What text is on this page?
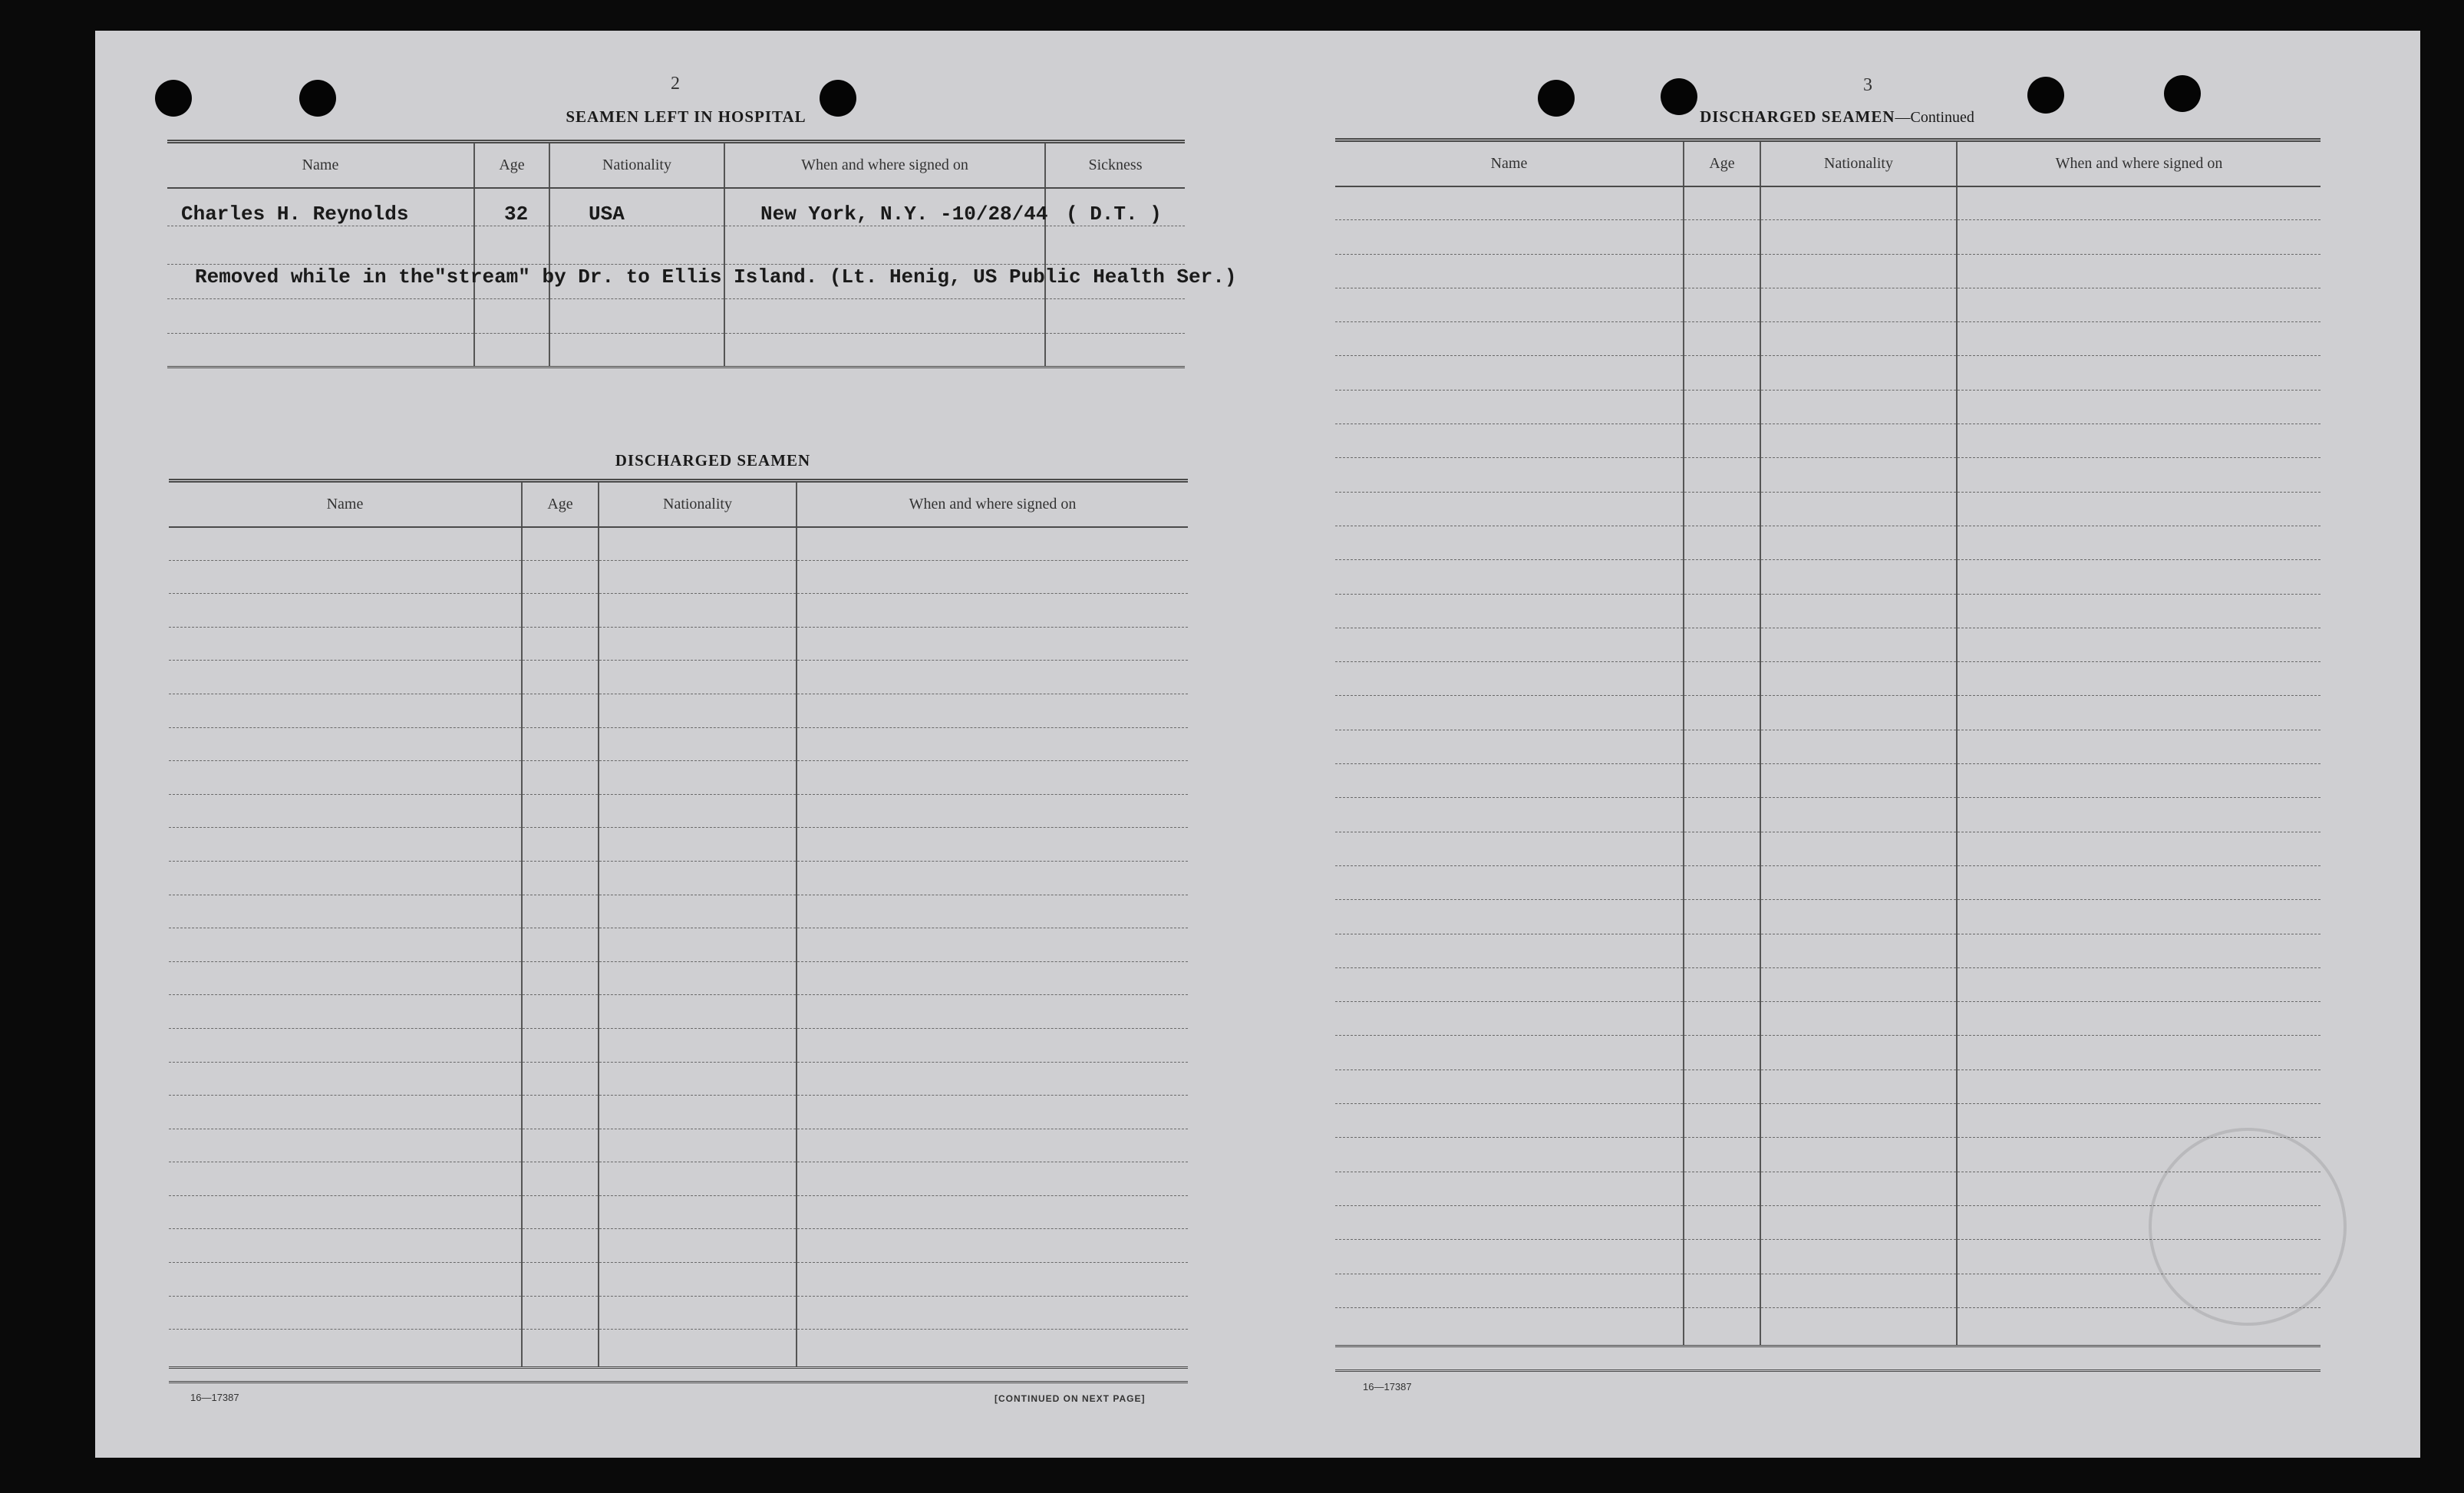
2
SEAMEN LEFT IN HOSPITAL
Name	Age	Nationality	When and where signed on	Sickness
Charles H. Reynolds	32	USA	New York, N.Y. -10/28/44	( D.T. )

Removed while in the"stream" by Dr. to Ellis Island. (Lt. Henig, US Public Health Ser.)
DISCHARGED SEAMEN
Name	Age	Nationality	When and where signed on

16—17387	[CONTINUED ON NEXT PAGE]
3
DISCHARGED SEAMEN—Continued
Name	Age	Nationality	When and where signed on

16—17387
